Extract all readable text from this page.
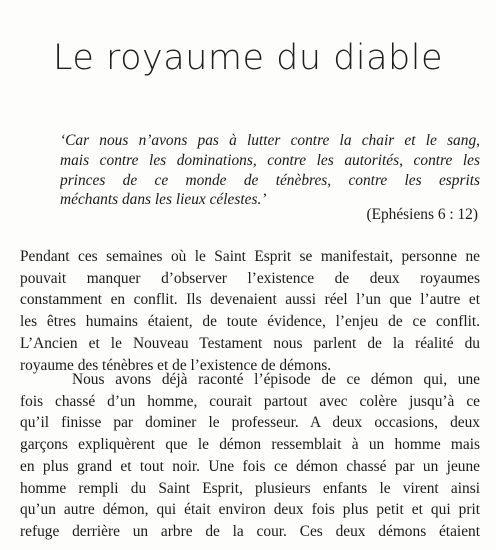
Le royaume du diable
‘Car nous n’avons pas à lutter contre la chair et le sang,
mais contre les dominations, contre les autorités, contre les
princes de ce monde de ténèbres, contre les esprits
méchants dans les lieux célestes.’
(Ephésiens 6 : 12)
Pendant ces semaines où le Saint Esprit se manifestait, personne ne
pouvait manquer d’observer l’existence de deux royaumes
constamment en conflit. Ils devenaient aussi réel l’un que l’autre et
les êtres humains étaient, de toute évidence, l’enjeu de ce conflit.
L’Ancien et le Nouveau Testament nous parlent de la réalité du
royaume des ténèbres et de l’existence de démons.
Nous avons déjà raconté l’épisode de ce démon qui, une
fois chassé d’un homme, courait partout avec colère jusqu’à ce
qu’il finisse par dominer le professeur. A deux occasions, deux
garçons expliquèrent que le démon ressemblait à un homme mais
en plus grand et tout noir. Une fois ce démon chassé par un jeune
homme rempli du Saint Esprit, plusieurs enfants le virent ainsi
qu’un autre démon, qui était environ deux fois plus petit et qui prit
refuge derrière un arbre de la cour. Ces deux démons étaient
